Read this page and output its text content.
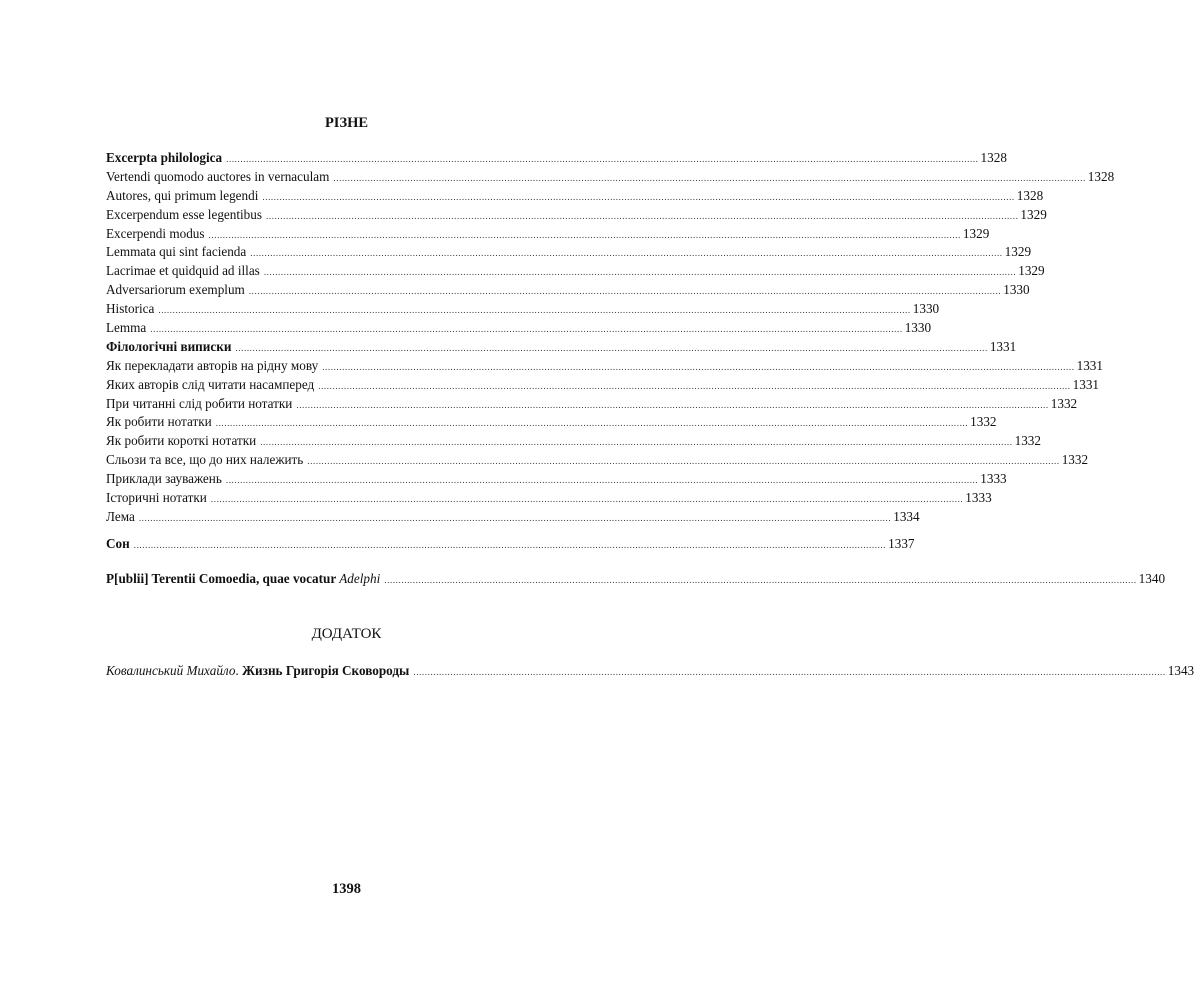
РІЗНЕ
Excerpta philologica ........................................................................................................................................................................................................................................................................ 1328
Vertendi quomodo auctores in vernaculam ........................................................................................................................................................................................................................................................................ 1328
Autores, qui primum legendi ........................................................................................................................................................................................................................................................................ 1328
Excerpendum esse legentibus ........................................................................................................................................................................................................................................................................ 1329
Excerpendi modus ........................................................................................................................................................................................................................................................................ 1329
Lemmata qui sint facienda ........................................................................................................................................................................................................................................................................ 1329
Lacrimae et quidquid ad illas ........................................................................................................................................................................................................................................................................ 1329
Adversariorum exemplum ........................................................................................................................................................................................................................................................................ 1330
Historica ........................................................................................................................................................................................................................................................................ 1330
Lemma ........................................................................................................................................................................................................................................................................ 1330
Філологічні виписки ........................................................................................................................................................................................................................................................................ 1331
Як перекладати авторів на рідну мову ........................................................................................................................................................................................................................................................................ 1331
Яких авторів слід читати насамперед ........................................................................................................................................................................................................................................................................ 1331
При читанні слід робити нотатки ........................................................................................................................................................................................................................................................................ 1332
Як робити нотатки ........................................................................................................................................................................................................................................................................ 1332
Як робити короткі нотатки ........................................................................................................................................................................................................................................................................ 1332
Сльози та все, що до них належить ........................................................................................................................................................................................................................................................................ 1332
Приклади зауважень ........................................................................................................................................................................................................................................................................ 1333
Історичні нотатки ........................................................................................................................................................................................................................................................................ 1333
Лема ........................................................................................................................................................................................................................................................................ 1334
Сон ........................................................................................................................................................................................................................................................................ 1337
P[ublii] Terentii Comoedia, quae vocatur Adelphi ........................................................................................................................................................................................................................................................................ 1340
ДОДАТОК
Ковалинський Михайло. Жизнь Григорія Сковороды ........................................................................................................................................................................................................................................................................ 1343
1398
